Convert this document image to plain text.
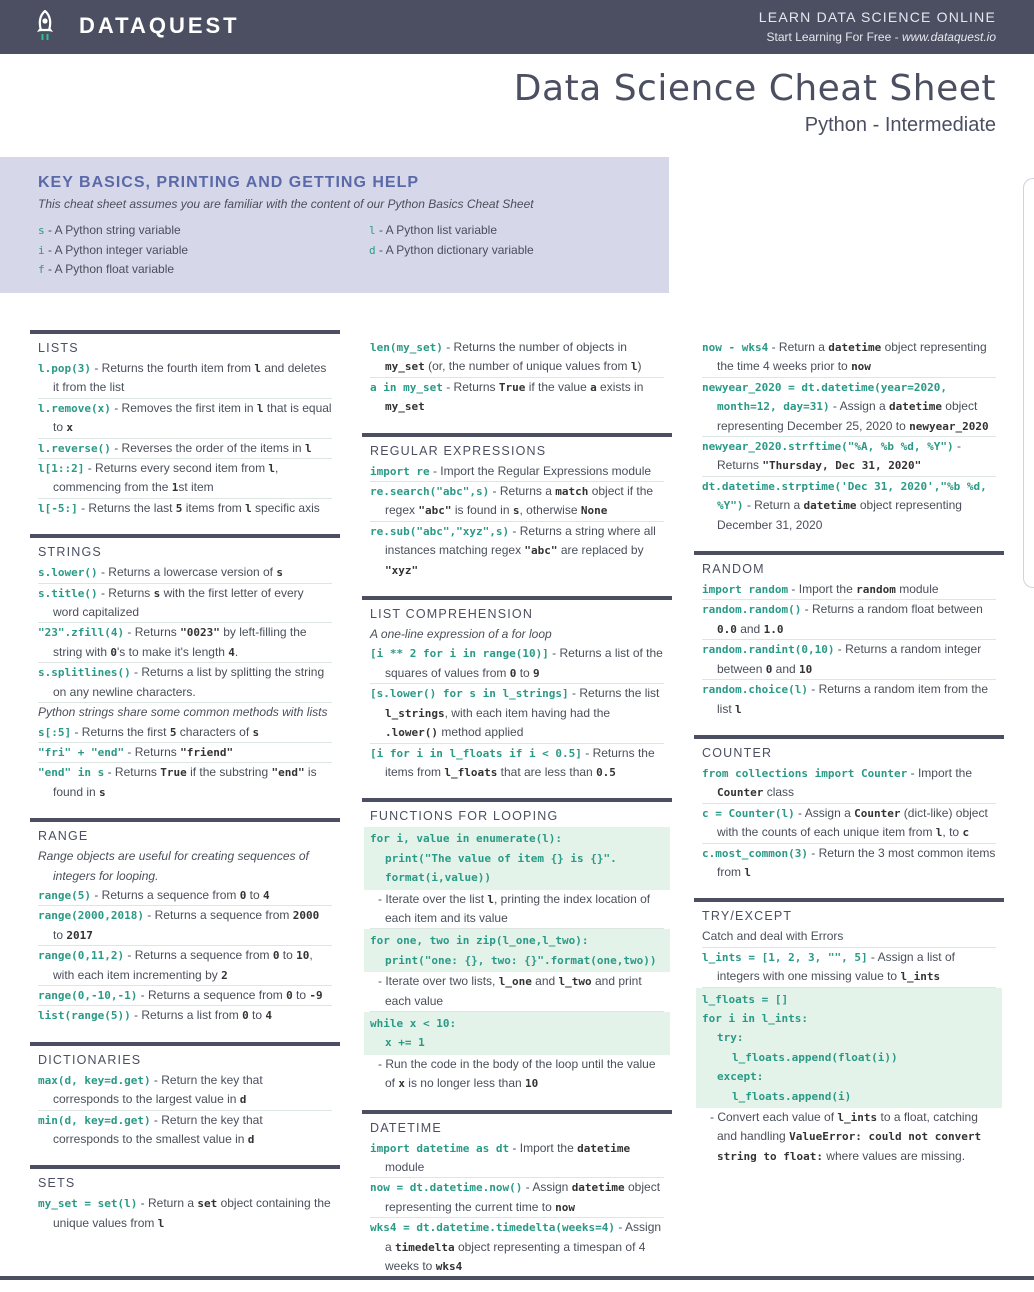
DATAQUEST	LEARN DATA SCIENCE ONLINE
Start Learning For Free - www.dataquest.io
Data Science Cheat Sheet
Python - Intermediate
KEY BASICS, PRINTING AND GETTING HELP
This cheat sheet assumes you are familiar with the content of our Python Basics Cheat Sheet
s - A Python string variable
i - A Python integer variable
f - A Python float variable
l - A Python list variable
d - A Python dictionary variable
LISTS
l.pop(3) - Returns the fourth item from l and deletes it from the list
l.remove(x) - Removes the first item in l that is equal to x
l.reverse() - Reverses the order of the items in l
l[1::2] - Returns every second item from l, commencing from the 1st item
l[-5:] - Returns the last 5 items from l specific axis
STRINGS
s.lower() - Returns a lowercase version of s
s.title() - Returns s with the first letter of every word capitalized
"23".zfill(4) - Returns "0023" by left-filling the string with 0's to make it's length 4.
s.splitlines() - Returns a list by splitting the string on any newline characters.
Python strings share some common methods with lists
s[:5] - Returns the first 5 characters of s
"fri" + "end" - Returns "friend"
"end" in s - Returns True if the substring "end" is found in s
RANGE
Range objects are useful for creating sequences of integers for looping.
range(5) - Returns a sequence from 0 to 4
range(2000,2018) - Returns a sequence from 2000 to 2017
range(0,11,2) - Returns a sequence from 0 to 10, with each item incrementing by 2
range(0,-10,-1) - Returns a sequence from 0 to -9
list(range(5)) - Returns a list from 0 to 4
DICTIONARIES
max(d, key=d.get) - Return the key that corresponds to the largest value in d
min(d, key=d.get) - Return the key that corresponds to the smallest value in d
SETS
my_set = set(l) - Return a set object containing the unique values from l
len(my_set) - Returns the number of objects in my_set (or, the number of unique values from l)
a in my_set - Returns True if the value a exists in my_set
REGULAR EXPRESSIONS
import re - Import the Regular Expressions module
re.search("abc",s) - Returns a match object if the regex "abc" is found in s, otherwise None
re.sub("abc","xyz",s) - Returns a string where all instances matching regex "abc" are replaced by "xyz"
LIST COMPREHENSION
A one-line expression of a for loop
[i ** 2 for i in range(10)] - Returns a list of the squares of values from 0 to 9
[s.lower() for s in l_strings] - Returns the list l_strings, with each item having had the .lower() method applied
[i for i in l_floats if i < 0.5] - Returns the items from l_floats that are less than 0.5
FUNCTIONS FOR LOOPING
for i, value in enumerate(l):
print("The value of item {} is {}".
format(i,value))
- Iterate over the list l, printing the index location of each item and its value
for one, two in zip(l_one,l_two):
print("one: {}, two: {}".format(one,two))
- Iterate over two lists, l_one and l_two and print each value
while x < 10:
x += 1
- Run the code in the body of the loop until the value of x is no longer less than 10
DATETIME
import datetime as dt - Import the datetime module
now = dt.datetime.now() - Assign datetime object representing the current time to now
wks4 = dt.datetime.timedelta(weeks=4) - Assign a timedelta object representing a timespan of 4 weeks to wks4
now - wks4 - Return a datetime object representing the time 4 weeks prior to now
newyear_2020 = dt.datetime(year=2020, month=12, day=31) - Assign a datetime object representing December 25, 2020 to newyear_2020
newyear_2020.strftime("%A, %b %d, %Y") - Returns "Thursday, Dec 31, 2020"
dt.datetime.strptime('Dec 31, 2020',"%b %d, %Y") - Return a datetime object representing December 31, 2020
RANDOM
import random - Import the random module
random.random() - Returns a random float between 0.0 and 1.0
random.randint(0,10) - Returns a random integer between 0 and 10
random.choice(l) - Returns a random item from the list l
COUNTER
from collections import Counter - Import the Counter class
c = Counter(l) - Assign a Counter (dict-like) object with the counts of each unique item from l, to c
c.most_common(3) - Return the 3 most common items from l
TRY/EXCEPT
Catch and deal with Errors
l_ints = [1, 2, 3, "", 5] - Assign a list of integers with one missing value to l_ints
l_floats = []
for i in l_ints:
try:
l_floats.append(float(i))
except:
l_floats.append(i)
- Convert each value of l_ints to a float, catching and handling ValueError: could not convert string to float: where values are missing.
